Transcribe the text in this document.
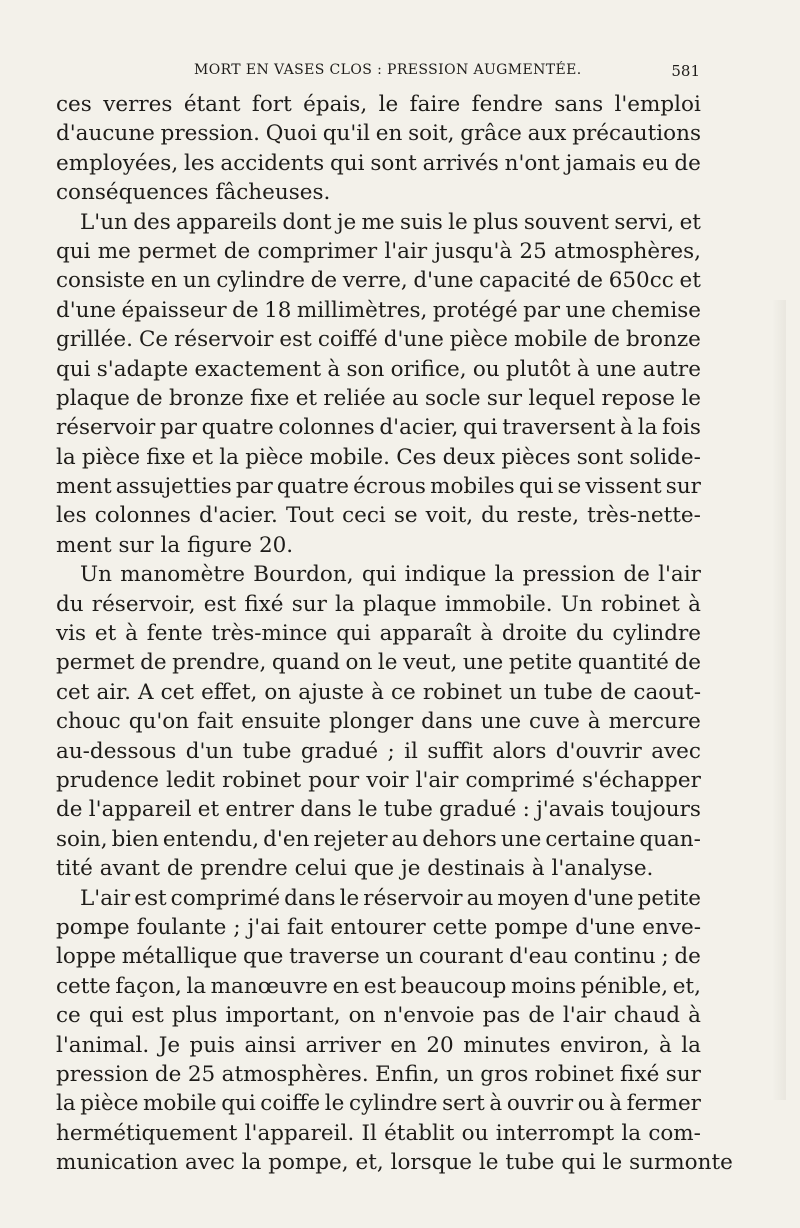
MORT EN VASES CLOS : PRESSION AUGMENTÉE.	581
ces verres étant fort épais, le faire fendre sans l'emploi
d'aucune pression. Quoi qu'il en soit, grâce aux précautions
employées, les accidents qui sont arrivés n'ont jamais eu de
conséquences fâcheuses.
L'un des appareils dont je me suis le plus souvent servi, et
qui me permet de comprimer l'air jusqu'à 25 atmosphères,
consiste en un cylindre de verre, d'une capacité de 650cc et
d'une épaisseur de 18 millimètres, protégé par une chemise
grillée. Ce réservoir est coiffé d'une pièce mobile de bronze
qui s'adapte exactement à son orifice, ou plutôt à une autre
plaque de bronze fixe et reliée au socle sur lequel repose le
réservoir par quatre colonnes d'acier, qui traversent à la fois
la pièce fixe et la pièce mobile. Ces deux pièces sont solide-
ment assujetties par quatre écrous mobiles qui se vissent sur
les colonnes d'acier. Tout ceci se voit, du reste, très-nette-
ment sur la figure 20.
Un manomètre Bourdon, qui indique la pression de l'air
du réservoir, est fixé sur la plaque immobile. Un robinet à
vis et à fente très-mince qui apparaît à droite du cylindre
permet de prendre, quand on le veut, une petite quantité de
cet air. A cet effet, on ajuste à ce robinet un tube de caout-
chouc qu'on fait ensuite plonger dans une cuve à mercure
au-dessous d'un tube gradué ; il suffit alors d'ouvrir avec
prudence ledit robinet pour voir l'air comprimé s'échapper
de l'appareil et entrer dans le tube gradué : j'avais toujours
soin, bien entendu, d'en rejeter au dehors une certaine quan-
tité avant de prendre celui que je destinais à l'analyse.
L'air est comprimé dans le réservoir au moyen d'une petite
pompe foulante ; j'ai fait entourer cette pompe d'une enve-
loppe métallique que traverse un courant d'eau continu ; de
cette façon, la manœuvre en est beaucoup moins pénible, et,
ce qui est plus important, on n'envoie pas de l'air chaud à
l'animal. Je puis ainsi arriver en 20 minutes environ, à la
pression de 25 atmosphères. Enfin, un gros robinet fixé sur
la pièce mobile qui coiffe le cylindre sert à ouvrir ou à fermer
hermétiquement l'appareil. Il établit ou interrompt la com-
munication avec la pompe, et, lorsque le tube qui le surmonte
